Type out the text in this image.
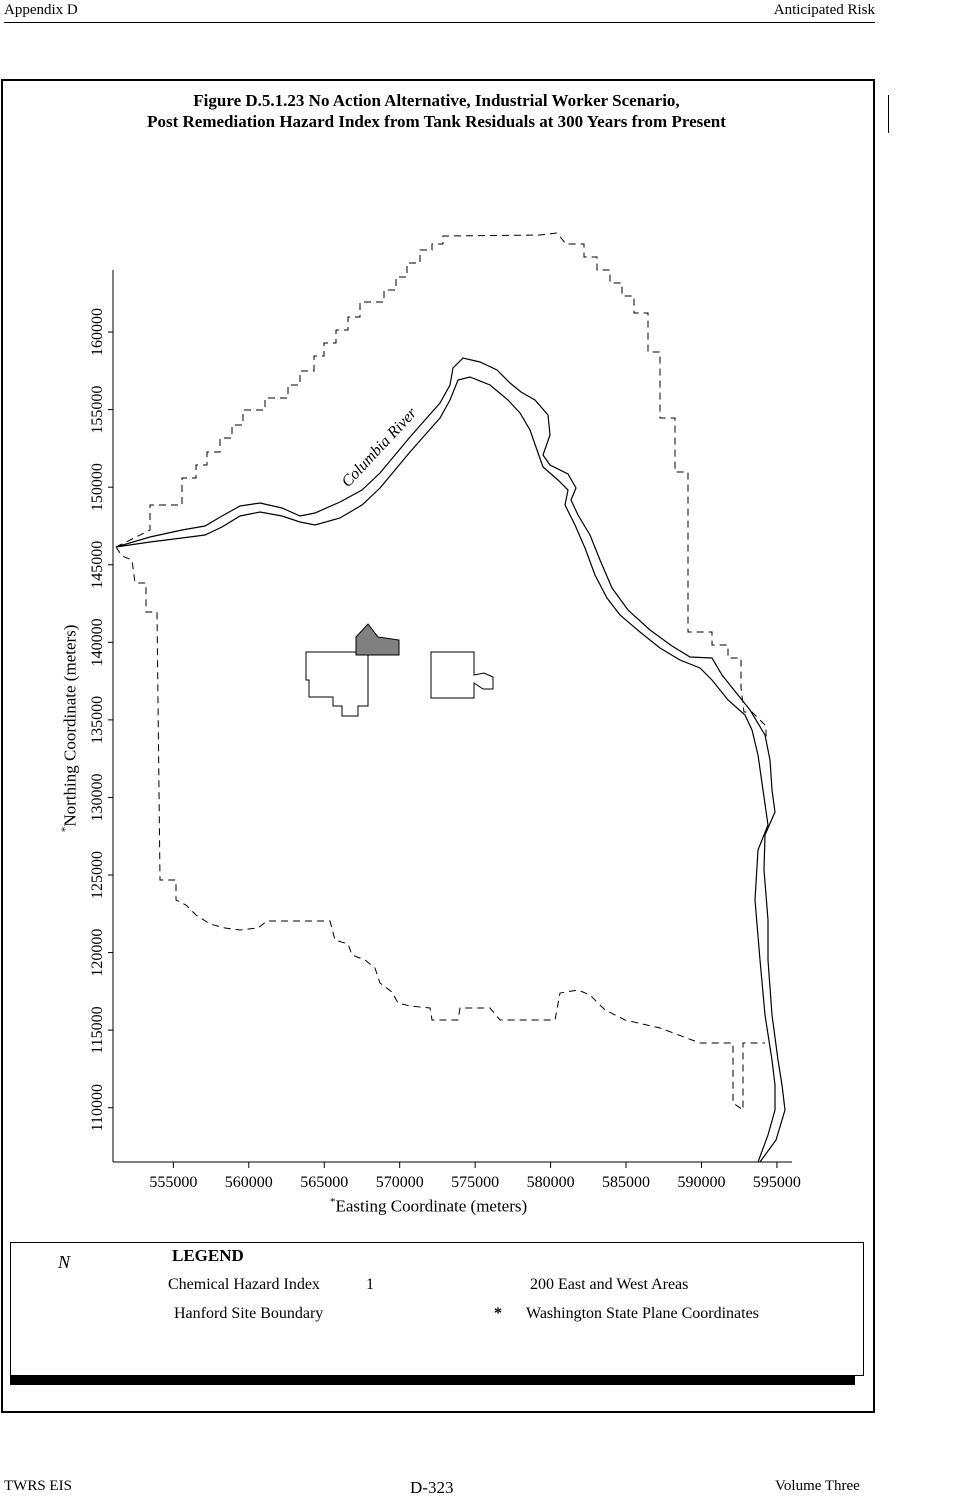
Appendix D	Anticipated Risk
Figure D.5.1.23 No Action Alternative, Industrial Worker Scenario,
Post Remediation Hazard Index from Tank Residuals at 300 Years from Present
555000 560000 565000 570000 575000 580000 585000 590000 595000
110000
115000
120000
125000
130000
135000
140000
145000
150000
155000
160000
Columbia River
*Easting Coordinate (meters)
*Northing Coordinate (meters)
N	LEGEND
Chemical Hazard Index	1
Hanford Site Boundary
200 East and West Areas
* Washington State Plane Coordinates
TWRS EIS	D-323	Volume Three
